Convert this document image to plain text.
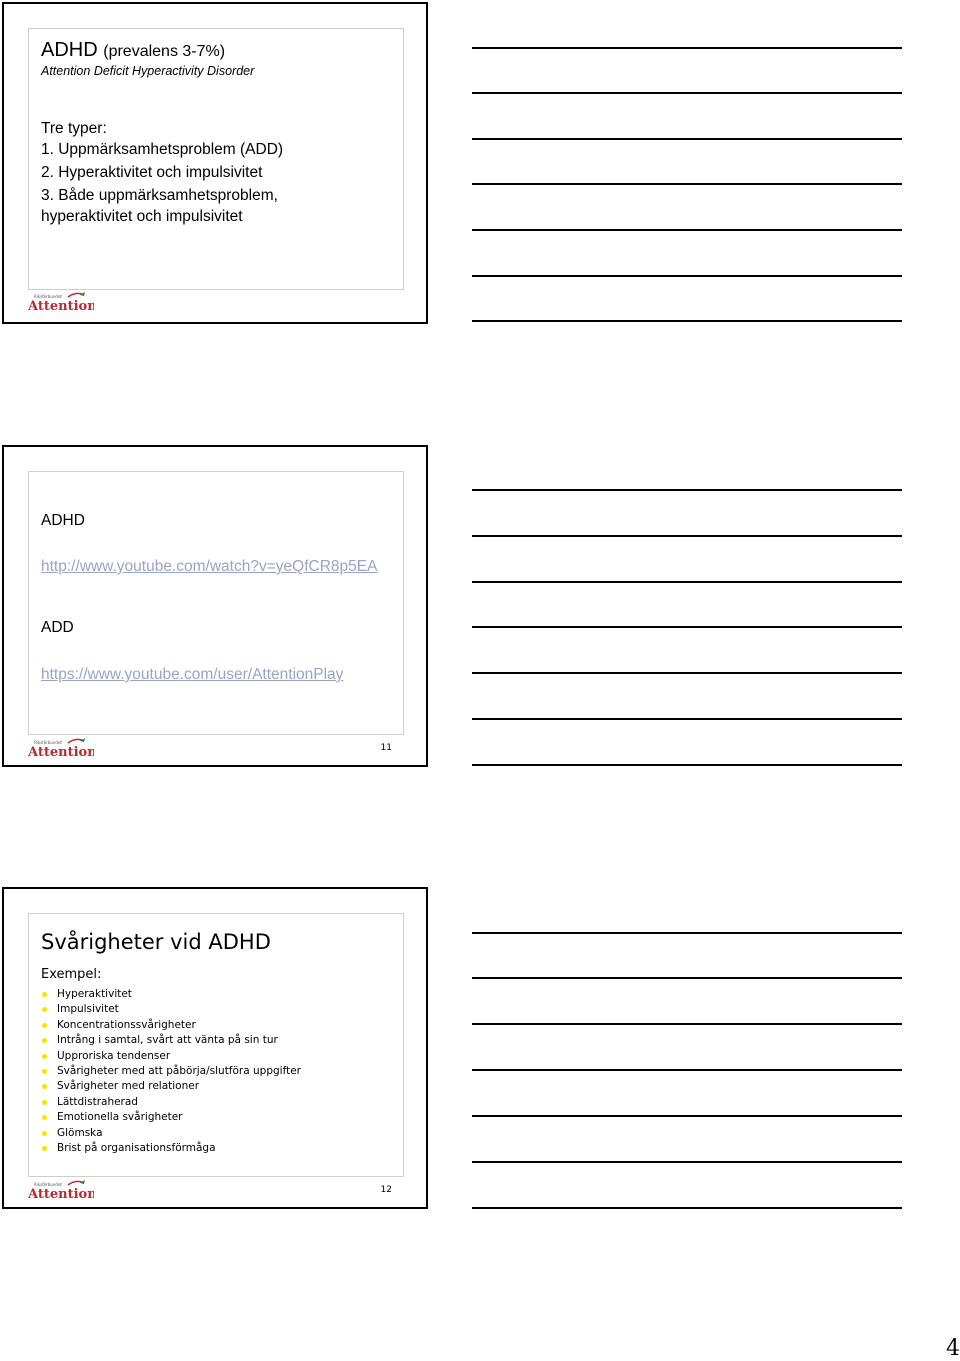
ADHD (prevalens 3-7%)
Attention Deficit Hyperactivity Disorder
Tre typer:
1. Uppmärksamhetsproblem (ADD)
2. Hyperaktivitet och impulsivitet
3. Både uppmärksamhetsproblem, hyperaktivitet och impulsivitet
Riksförbundet
Attention
ADHD
http://www.youtube.com/watch?v=yeQfCR8p5EA
ADD
https://www.youtube.com/user/AttentionPlay
Riksförbundet
Attention	11
Svårigheter vid ADHD
Exempel:
Hyperaktivitet
Impulsivitet
Koncentrationssvårigheter
Intrång i samtal, svårt att vänta på sin tur
Upproriska tendenser
Svårigheter med att påbörja/slutföra uppgifter
Svårigheter med relationer
Lättdistraherad
Emotionella svårigheter
Glömska
Brist på organisationsförmåga
Riksförbundet
Attention	12
4
